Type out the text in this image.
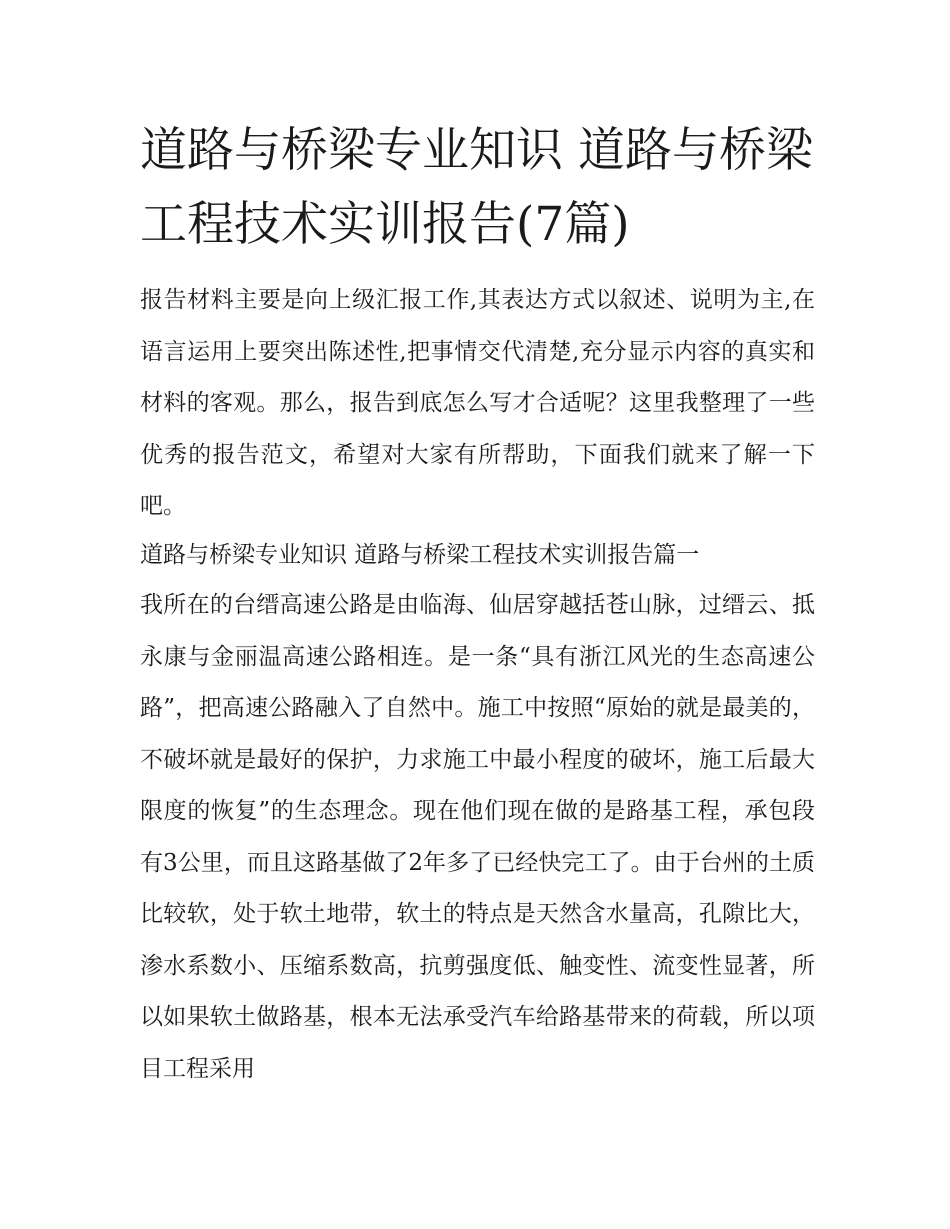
道路与桥梁专业知识 道路与桥梁工程技术实训报告(7篇)

报告材料主要是向上级汇报工作,其表达方式以叙述、说明为主,在语言运用上要突出陈述性,把事情交代清楚,充分显示内容的真实和材料的客观。那么，报告到底怎么写才合适呢？这里我整理了一些优秀的报告范文，希望对大家有所帮助，下面我们就来了解一下吧。

道路与桥梁专业知识 道路与桥梁工程技术实训报告篇一

我所在的台缙高速公路是由临海、仙居穿越括苍山脉，过缙云、抵永康与金丽温高速公路相连。是一条“具有浙江风光的生态高速公路”，把高速公路融入了自然中。施工中按照“原始的就是最美的，不破坏就是最好的保护，力求施工中最小程度的破坏，施工后最大限度的恢复”的生态理念。现在他们现在做的是路基工程，承包段有3公里，而且这路基做了2年多了已经快完工了。由于台州的土质比较软，处于软土地带，软土的特点是天然含水量高，孔隙比大，渗水系数小、压缩系数高，抗剪强度低、触变性、流变性显著，所以如果软土做路基，根本无法承受汽车给路基带来的荷载，所以项目工程采用
